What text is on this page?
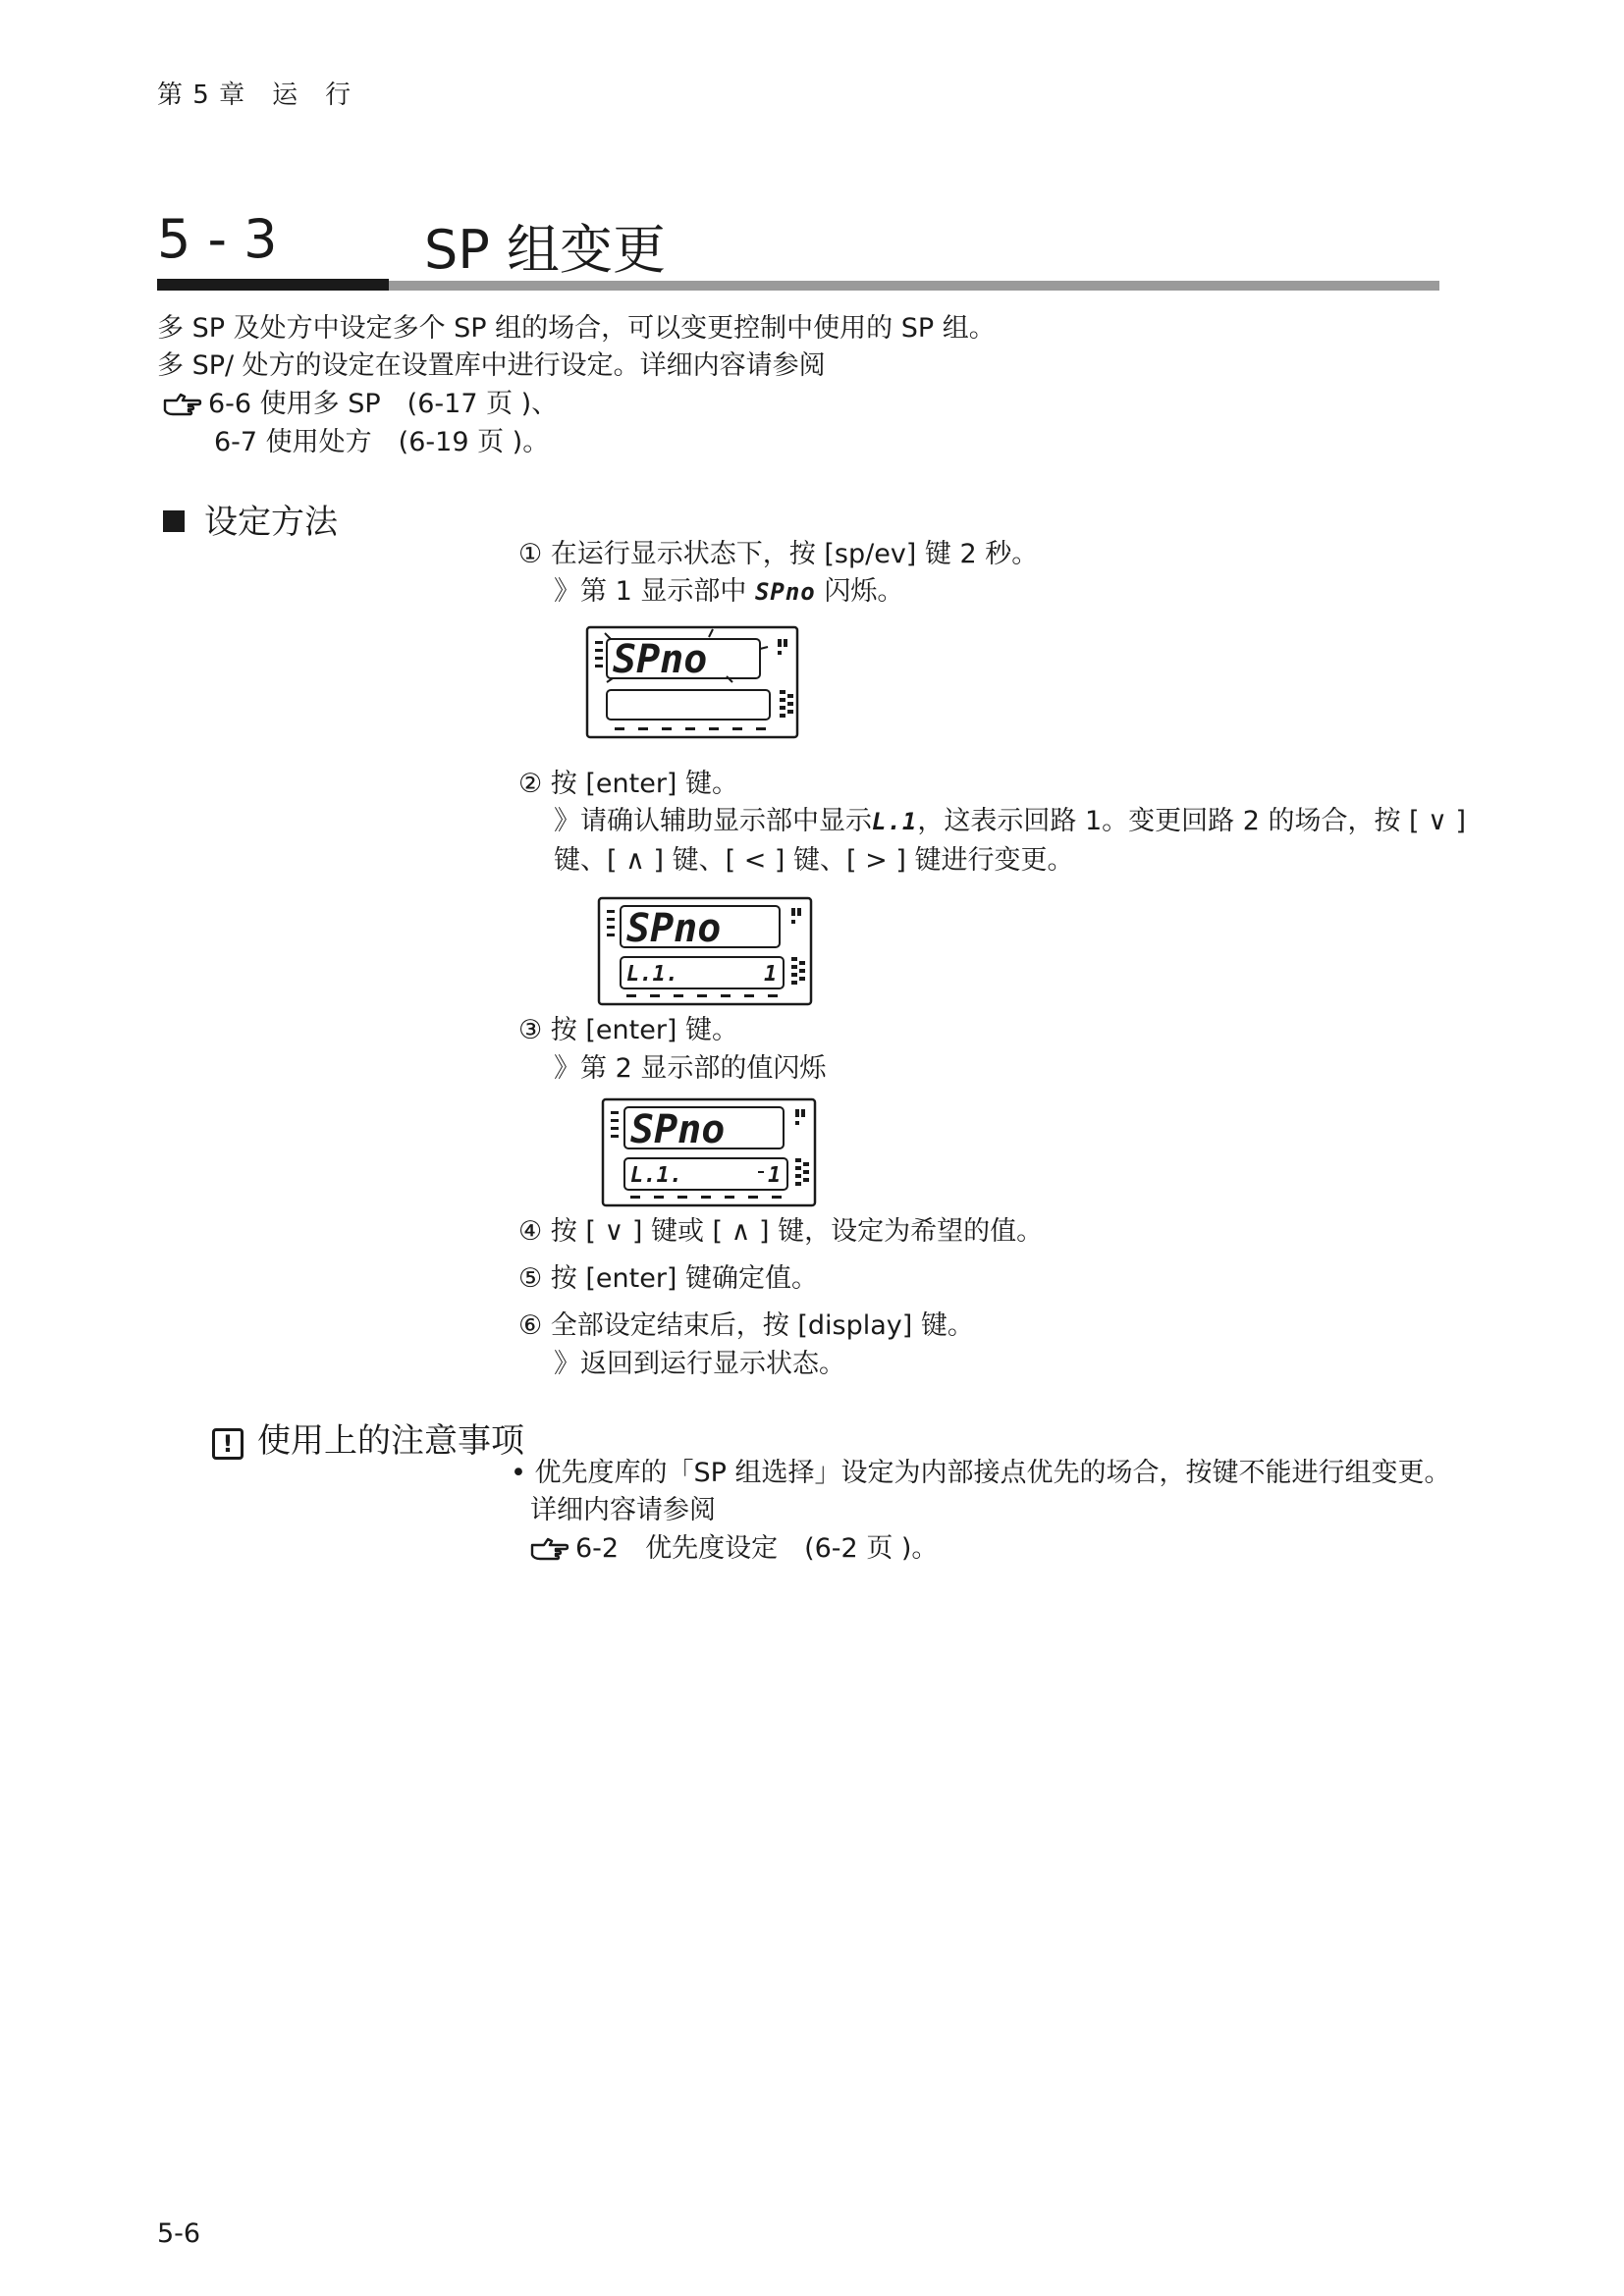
第 5 章　运　行
5 - 3	SP 组变更
多 SP 及处方中设定多个 SP 组的场合，可以变更控制中使用的 SP 组。
多 SP/ 处方的设定在设置库中进行设定。详细内容请参阅
6-6 使用多 SP　(6-17 页 )、
6-7 使用处方　(6-19 页 )。
设定方法
① 在运行显示状态下，按 [sp/ev] 键 2 秒。
》第 1 显示部中 SPno 闪烁。
SPno
② 按 [enter] 键。
》请确认辅助显示部中显示L.1，这表示回路 1。变更回路 2 的场合，按 [ ∨ ]
键、[ ∧ ] 键、[ < ] 键、[ > ] 键进行变更。
SPno
L.1.	1
③ 按 [enter] 键。
》第 2 显示部的值闪烁
SPno
L.1.	1
④ 按 [ ∨ ] 键或 [ ∧ ] 键，设定为希望的值。
⑤ 按 [enter] 键确定值。
⑥ 全部设定结束后，按 [display] 键。
》返回到运行显示状态。
! 使用上的注意事项
• 优先度库的「SP 组选择」设定为内部接点优先的场合，按键不能进行组变更。
详细内容请参阅
6-2　优先度设定　(6-2 页 )。
5-6
